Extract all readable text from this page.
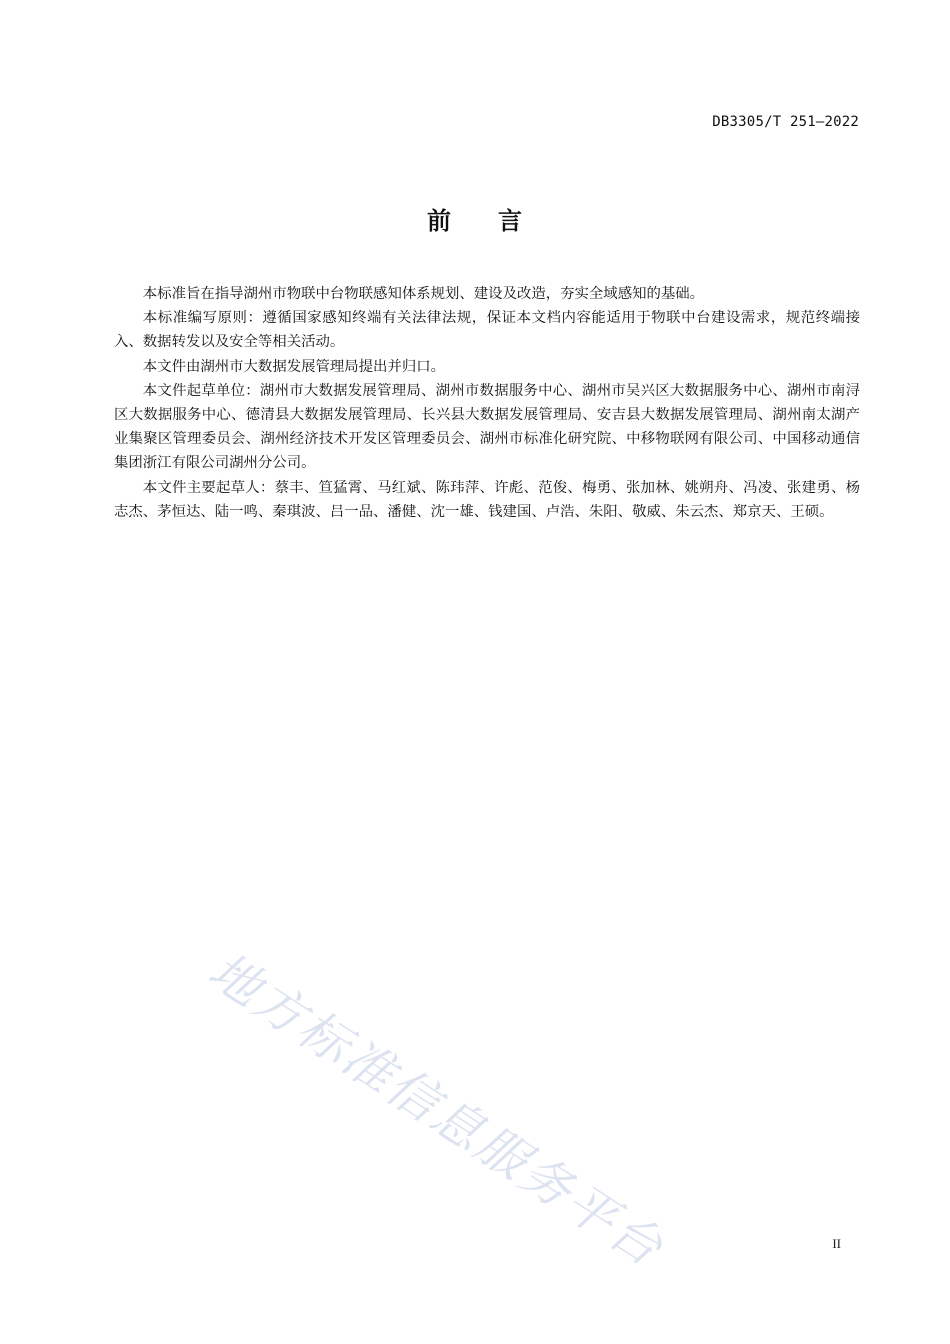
DB3305/T 251—2022
前 言

本标准旨在指导湖州市物联中台物联感知体系规划、建设及改造，夯实全域感知的基础。

本标准编写原则：遵循国家感知终端有关法律法规，保证本文档内容能适用于物联中台建设需求，规范终端接入、数据转发以及安全等相关活动。

本文件由湖州市大数据发展管理局提出并归口。

本文件起草单位：湖州市大数据发展管理局、湖州市数据服务中心、湖州市吴兴区大数据服务中心、湖州市南浔区大数据服务中心、德清县大数据发展管理局、长兴县大数据发展管理局、安吉县大数据发展管理局、湖州南太湖产业集聚区管理委员会、湖州经济技术开发区管理委员会、湖州市标准化研究院、中移物联网有限公司、中国移动通信集团浙江有限公司湖州分公司。

本文件主要起草人：蔡丰、笪猛霄、马红斌、陈玮萍、许彪、范俊、梅勇、张加林、姚朔舟、冯凌、张建勇、杨志杰、茅恒达、陆一鸣、秦琪波、吕一品、潘健、沈一雄、钱建国、卢浩、朱阳、敬威、朱云杰、郑京天、王硕。

地方标准信息服务平台	II
